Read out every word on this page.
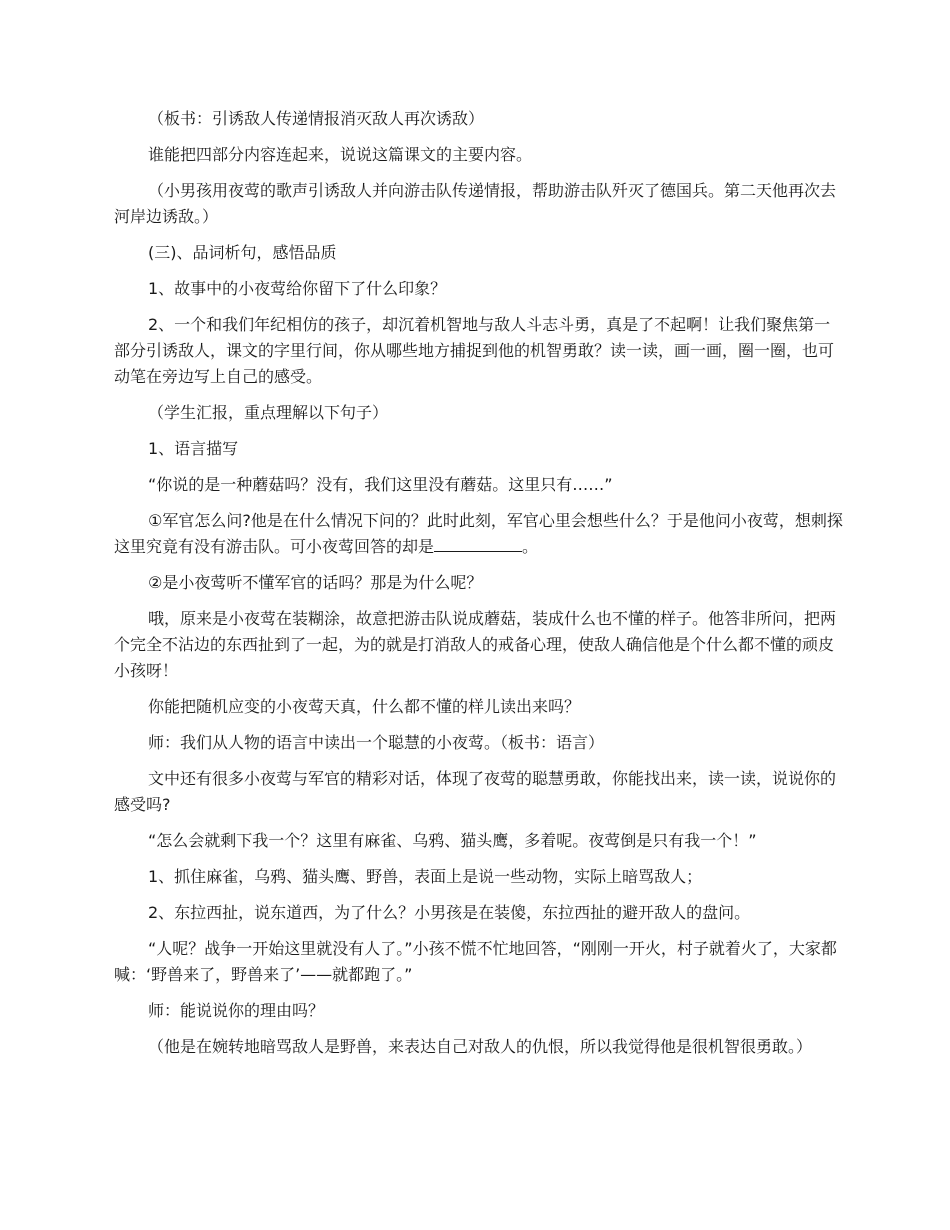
（板书：引诱敌人传递情报消灭敌人再次诱敌）

谁能把四部分内容连起来，说说这篇课文的主要内容。

（小男孩用夜莺的歌声引诱敌人并向游击队传递情报，帮助游击队歼灭了德国兵。第二天他再次去河岸边诱敌。）

(三)、品词析句，感悟品质

1、故事中的小夜莺给你留下了什么印象？

2、一个和我们年纪相仿的孩子，却沉着机智地与敌人斗志斗勇，真是了不起啊！让我们聚焦第一部分引诱敌人，课文的字里行间，你从哪些地方捕捉到他的机智勇敢？读一读，画一画，圈一圈，也可动笔在旁边写上自己的感受。

（学生汇报，重点理解以下句子）

1、语言描写

“你说的是一种蘑菇吗？没有，我们这里没有蘑菇。这里只有……”

①军官怎么问?他是在什么情况下问的？此时此刻，军官心里会想些什么？于是他问小夜莺，想刺探这里究竟有没有游击队。可小夜莺回答的却是	。

②是小夜莺听不懂军官的话吗？那是为什么呢？

哦，原来是小夜莺在装糊涂，故意把游击队说成蘑菇，装成什么也不懂的样子。他答非所问，把两个完全不沾边的东西扯到了一起，为的就是打消敌人的戒备心理，使敌人确信他是个什么都不懂的顽皮小孩呀！

你能把随机应变的小夜莺天真，什么都不懂的样儿读出来吗？

师：我们从人物的语言中读出一个聪慧的小夜莺。（板书：语言）

文中还有很多小夜莺与军官的精彩对话，体现了夜莺的聪慧勇敢，你能找出来，读一读，说说你的感受吗?

“怎么会就剩下我一个？这里有麻雀、乌鸦、猫头鹰，多着呢。夜莺倒是只有我一个！”

1、抓住麻雀，乌鸦、猫头鹰、野兽，表面上是说一些动物，实际上暗骂敌人；

2、东拉西扯，说东道西，为了什么？小男孩是在装傻，东拉西扯的避开敌人的盘问。

“人呢？战争一开始这里就没有人了。”小孩不慌不忙地回答，“刚刚一开火，村子就着火了，大家都喊：‘野兽来了，野兽来了’——就都跑了。”

师：能说说你的理由吗？

（他是在婉转地暗骂敌人是野兽，来表达自己对敌人的仇恨，所以我觉得他是很机智很勇敢。）
